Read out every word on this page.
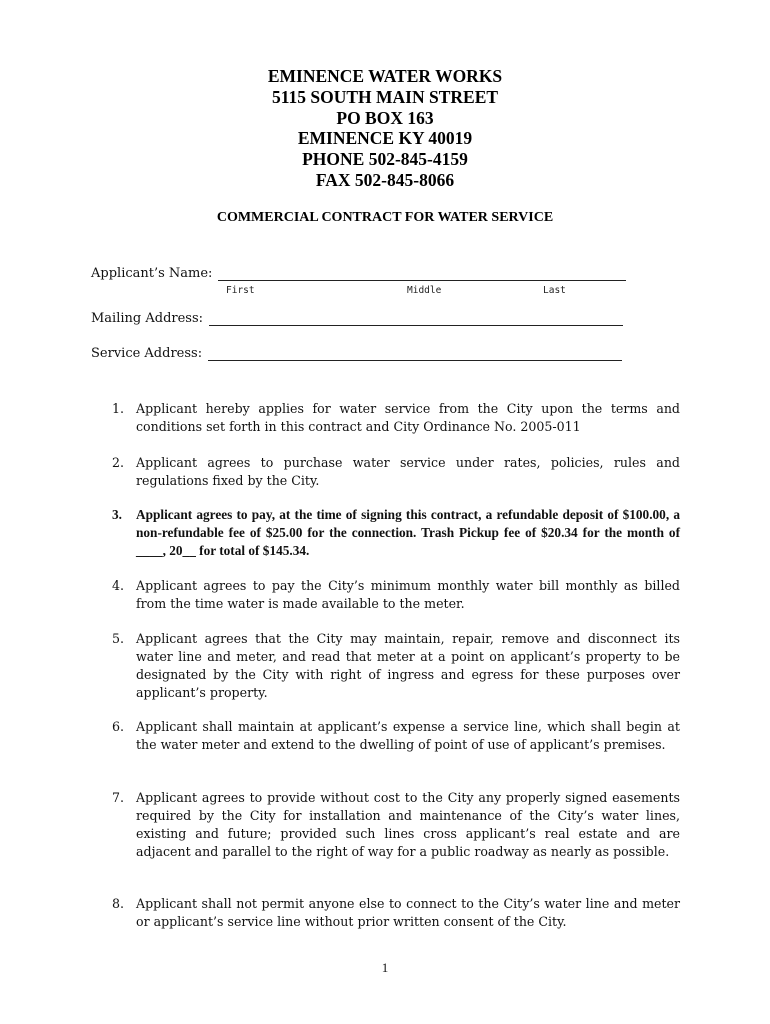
EMINENCE WATER WORKS
5115 SOUTH MAIN STREET
PO BOX 163
EMINENCE KY 40019
PHONE 502-845-4159
FAX 502-845-8066
COMMERCIAL CONTRACT FOR WATER SERVICE
Applicant’s Name:
First	Middle	Last
Mailing Address:
Service Address:
1. Applicant hereby applies for water service from the City upon the terms and conditions set forth in this contract and City Ordinance No. 2005-011
2. Applicant agrees to purchase water service under rates, policies, rules and regulations fixed by the City.
3. Applicant agrees to pay, at the time of signing this contract, a refundable deposit of $100.00, a non-refundable fee of $25.00 for the connection. Trash Pickup fee of $20.34 for the month of ____, 20__ for total of $145.34.
4. Applicant agrees to pay the City’s minimum monthly water bill monthly as billed from the time water is made available to the meter.
5. Applicant agrees that the City may maintain, repair, remove and disconnect its water line and meter, and read that meter at a point on applicant’s property to be designated by the City with right of ingress and egress for these purposes over applicant’s property.
6. Applicant shall maintain at applicant’s expense a service line, which shall begin at the water meter and extend to the dwelling of point of use of applicant’s premises.
7. Applicant agrees to provide without cost to the City any properly signed easements required by the City for installation and maintenance of the City’s water lines, existing and future; provided such lines cross applicant’s real estate and are adjacent and parallel to the right of way for a public roadway as nearly as possible.
8. Applicant shall not permit anyone else to connect to the City’s water line and meter or applicant’s service line without prior written consent of the City.
1
